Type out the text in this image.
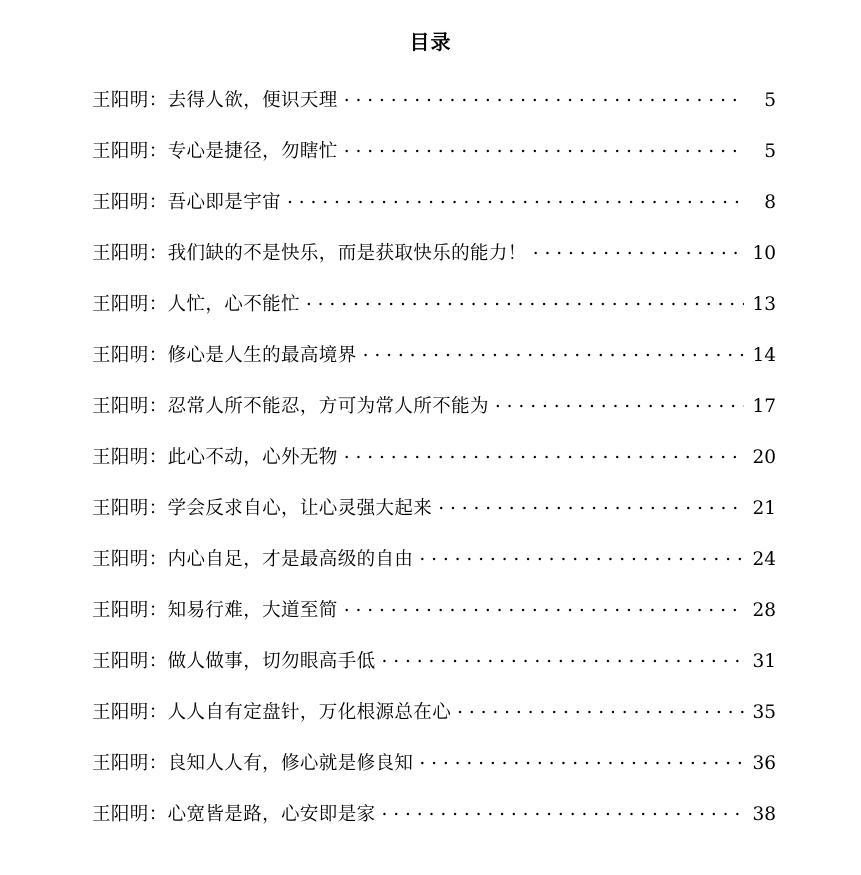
目录
王阳明：去得人欲，便识天理 . . .	5
王阳明：专心是捷径，勿瞎忙 . . .	5
王阳明：吾心即是宇宙 . . .	8
王阳明：我们缺的不是快乐，而是获取快乐的能力！ . . .	10
王阳明：人忙，心不能忙 . . .	13
王阳明：修心是人生的最高境界 . . .	14
王阳明：忍常人所不能忍，方可为常人所不能为 . . .	17
王阳明：此心不动，心外无物 . . .	20
王阳明：学会反求自心，让心灵强大起来 . . .	21
王阳明：内心自足，才是最高级的自由 . . .	24
王阳明：知易行难，大道至简 . . .	28
王阳明：做人做事，切勿眼高手低 . . .	31
王阳明：人人自有定盘针，万化根源总在心 . . .	35
王阳明：良知人人有，修心就是修良知 . . .	36
王阳明：心宽皆是路，心安即是家 . . .	38
